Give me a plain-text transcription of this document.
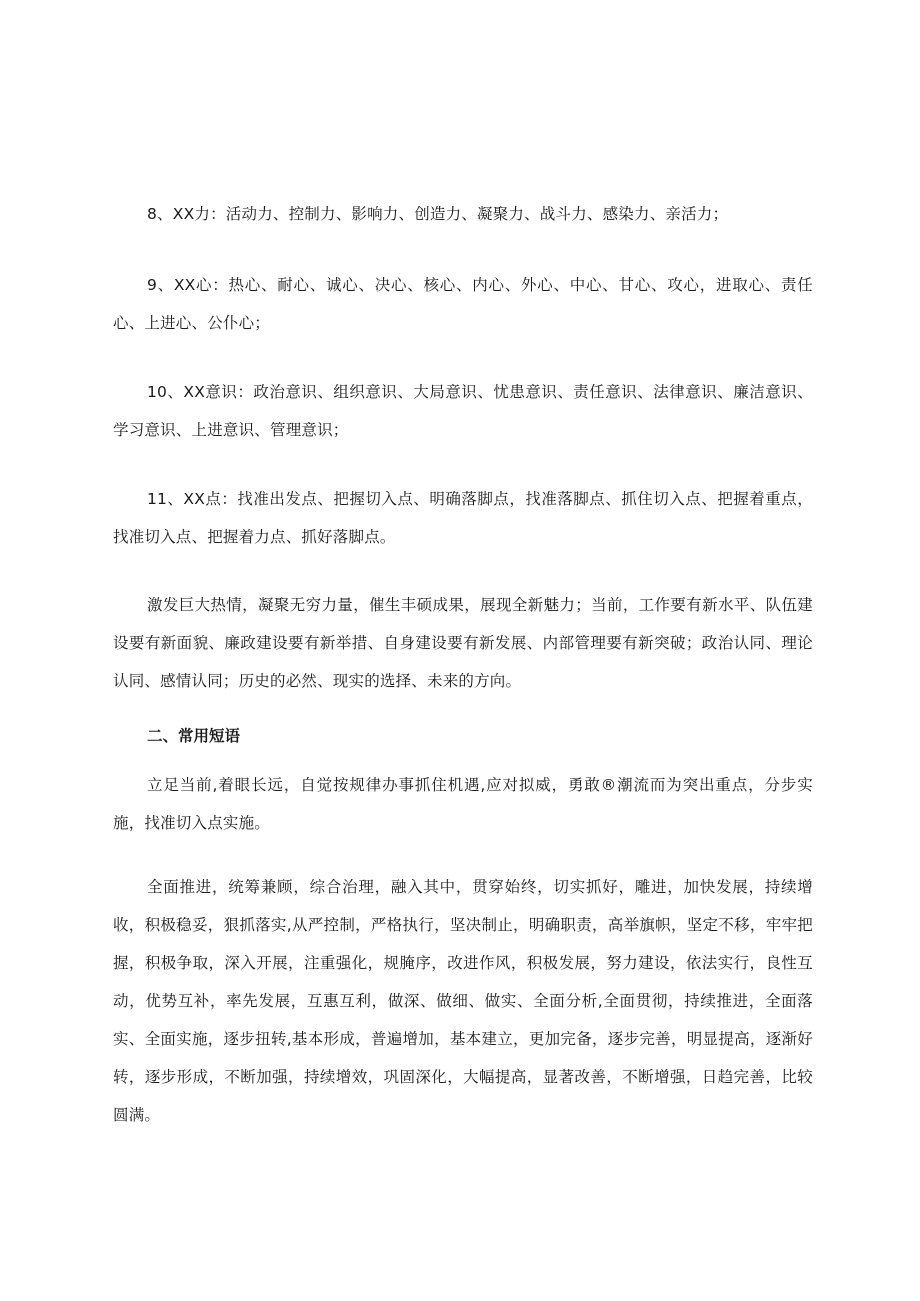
8、XX力：活动力、控制力、影响力、创造力、凝聚力、战斗力、感染力、亲活力；

9、XX心：热心、耐心、诚心、决心、核心、内心、外心、中心、甘心、攻心，进取心、责任心、上进心、公仆心；

10、XX意识：政治意识、组织意识、大局意识、忧患意识、责任意识、法律意识、廉洁意识、学习意识、上进意识、管理意识；

11、XX点：找准出发点、把握切入点、明确落脚点，找准落脚点、抓住切入点、把握着重点，找准切入点、把握着力点、抓好落脚点。

激发巨大热情，凝聚无穷力量，催生丰硕成果，展现全新魅力；当前，工作要有新水平、队伍建设要有新面貌、廉政建设要有新举措、自身建设要有新发展、内部管理要有新突破；政治认同、理论认同、感情认同；历史的必然、现实的选择、未来的方向。

二、常用短语

立足当前,着眼长远，自觉按规律办事抓住机遇,应对拟威，勇敢®潮流而为突出重点，分步实施，找准切入点实施。

全面推进，统筹兼顾，综合治理，融入其中，贯穿始终，切实抓好，雕进，加快发展，持续增收，积极稳妥，狠抓落实,从严控制，严格执行，坚决制止，明确职责，高举旗帜，坚定不移，牢牢把握，积极争取，深入开展，注重强化，规腌序，改进作风，积极发展，努力建设，依法实行，良性互动，优势互补，率先发展，互惠互利，做深、做细、做实、全面分析,全面贯彻，持续推进，全面落实、全面实施，逐步扭转,基本形成，普遍增加，基本建立，更加完备，逐步完善，明显提高，逐渐好转，逐步形成，不断加强，持续增效，巩固深化，大幅提高，显著改善，不断增强，日趋完善，比较圆满。
